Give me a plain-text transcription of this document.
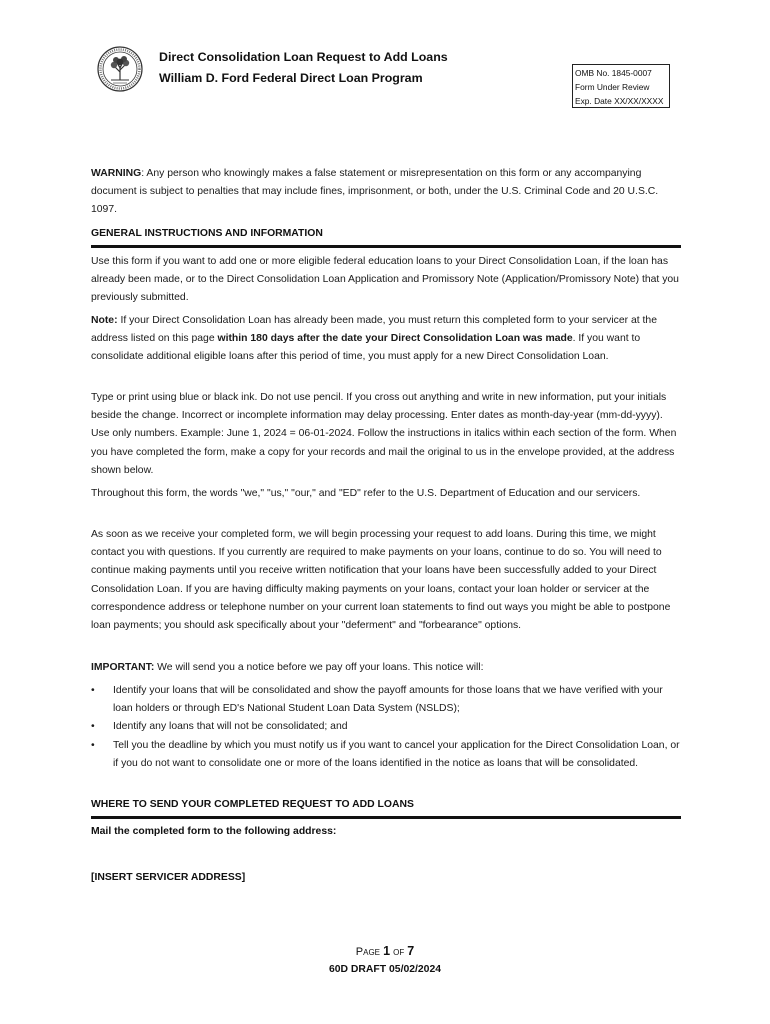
Direct Consolidation Loan Request to Add Loans
William D. Ford Federal Direct Loan Program	OMB No. 1845-0007
Form Under Review
Exp. Date XX/XX/XXXX

WARNING: Any person who knowingly makes a false statement or misrepresentation on this form or any accompanying document is subject to penalties that may include fines, imprisonment, or both, under the U.S. Criminal Code and 20 U.S.C. 1097.

GENERAL INSTRUCTIONS AND INFORMATION

Use this form if you want to add one or more eligible federal education loans to your Direct Consolidation Loan, if the loan has already been made, or to the Direct Consolidation Loan Application and Promissory Note (Application/Promissory Note) that you previously submitted.

Note: If your Direct Consolidation Loan has already been made, you must return this completed form to your servicer at the address listed on this page within 180 days after the date your Direct Consolidation Loan was made. If you want to consolidate additional eligible loans after this period of time, you must apply for a new Direct Consolidation Loan.

Type or print using blue or black ink. Do not use pencil. If you cross out anything and write in new information, put your initials beside the change. Incorrect or incomplete information may delay processing. Enter dates as month-day-year (mm-dd-yyyy). Use only numbers. Example: June 1, 2024 = 06-01-2024. Follow the instructions in italics within each section of the form. When you have completed the form, make a copy for your records and mail the original to us in the envelope provided, at the address shown below.

Throughout this form, the words "we," "us," "our," and "ED" refer to the U.S. Department of Education and our servicers.

As soon as we receive your completed form, we will begin processing your request to add loans. During this time, we might contact you with questions. If you currently are required to make payments on your loans, continue to do so. You will need to continue making payments until you receive written notification that your loans have been successfully added to your Direct Consolidation Loan. If you are having difficulty making payments on your loans, contact your loan holder or servicer at the correspondence address or telephone number on your current loan statements to find out ways you might be able to postpone loan payments; you should ask specifically about your "deferment" and "forbearance" options.

IMPORTANT: We will send you a notice before we pay off your loans. This notice will:

• Identify your loans that will be consolidated and show the payoff amounts for those loans that we have verified with your loan holders or through ED's National Student Loan Data System (NSLDS);
• Identify any loans that will not be consolidated; and
• Tell you the deadline by which you must notify us if you want to cancel your application for the Direct Consolidation Loan, or if you do not want to consolidate one or more of the loans identified in the notice as loans that will be consolidated.
WHERE TO SEND YOUR COMPLETED REQUEST TO ADD LOANS
Mail the completed form to the following address:
[INSERT SERVICER ADDRESS]
Page 1 of 7
60D DRAFT 05/02/2024
